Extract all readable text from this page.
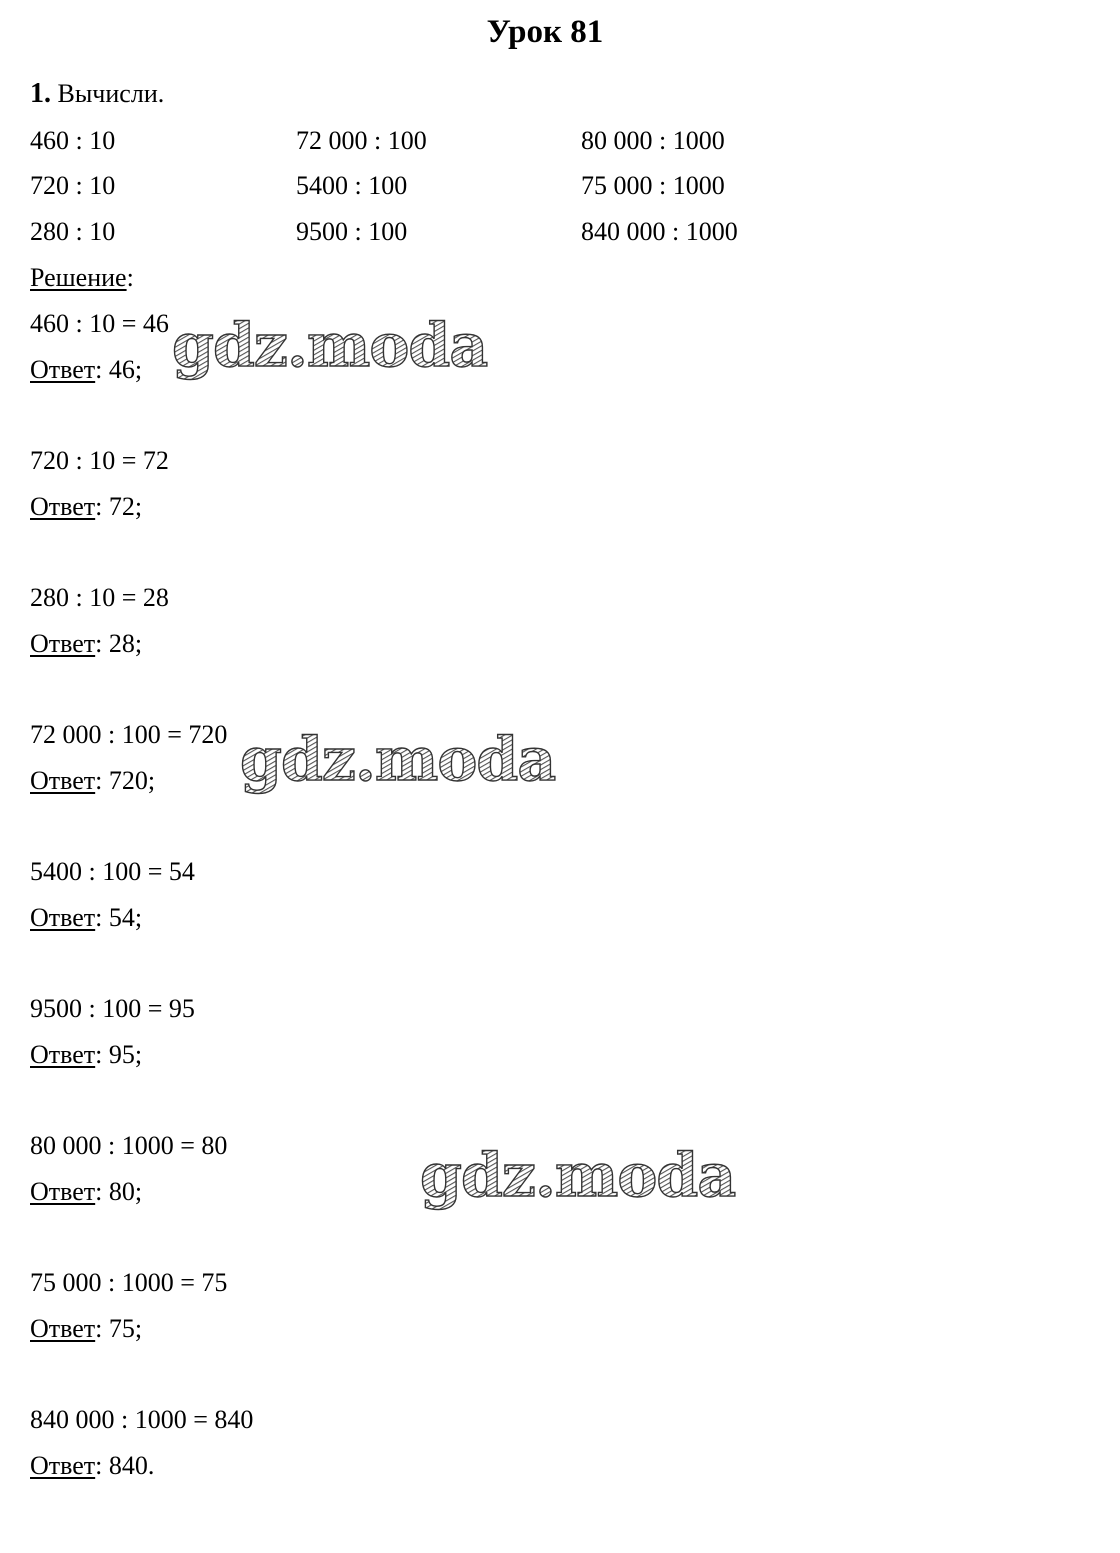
Урок 81
1. Вычисли.
460 : 10	72 000 : 100	80 000 : 1000
720 : 10	5400 : 100	75 000 : 1000
280 : 10	9500 : 100	840 000 : 1000
Решение:
460 : 10 = 46
Ответ: 46;
720 : 10 = 72
Ответ: 72;
280 : 10 = 28
Ответ: 28;
72 000 : 100 = 720
Ответ: 720;
5400 : 100 = 54
Ответ: 54;
9500 : 100 = 95
Ответ: 95;
80 000 : 1000 = 80
Ответ: 80;
75 000 : 1000 = 75
Ответ: 75;
840 000 : 1000 = 840
Ответ: 840.
gdz.moda
gdz.moda
gdz.moda
